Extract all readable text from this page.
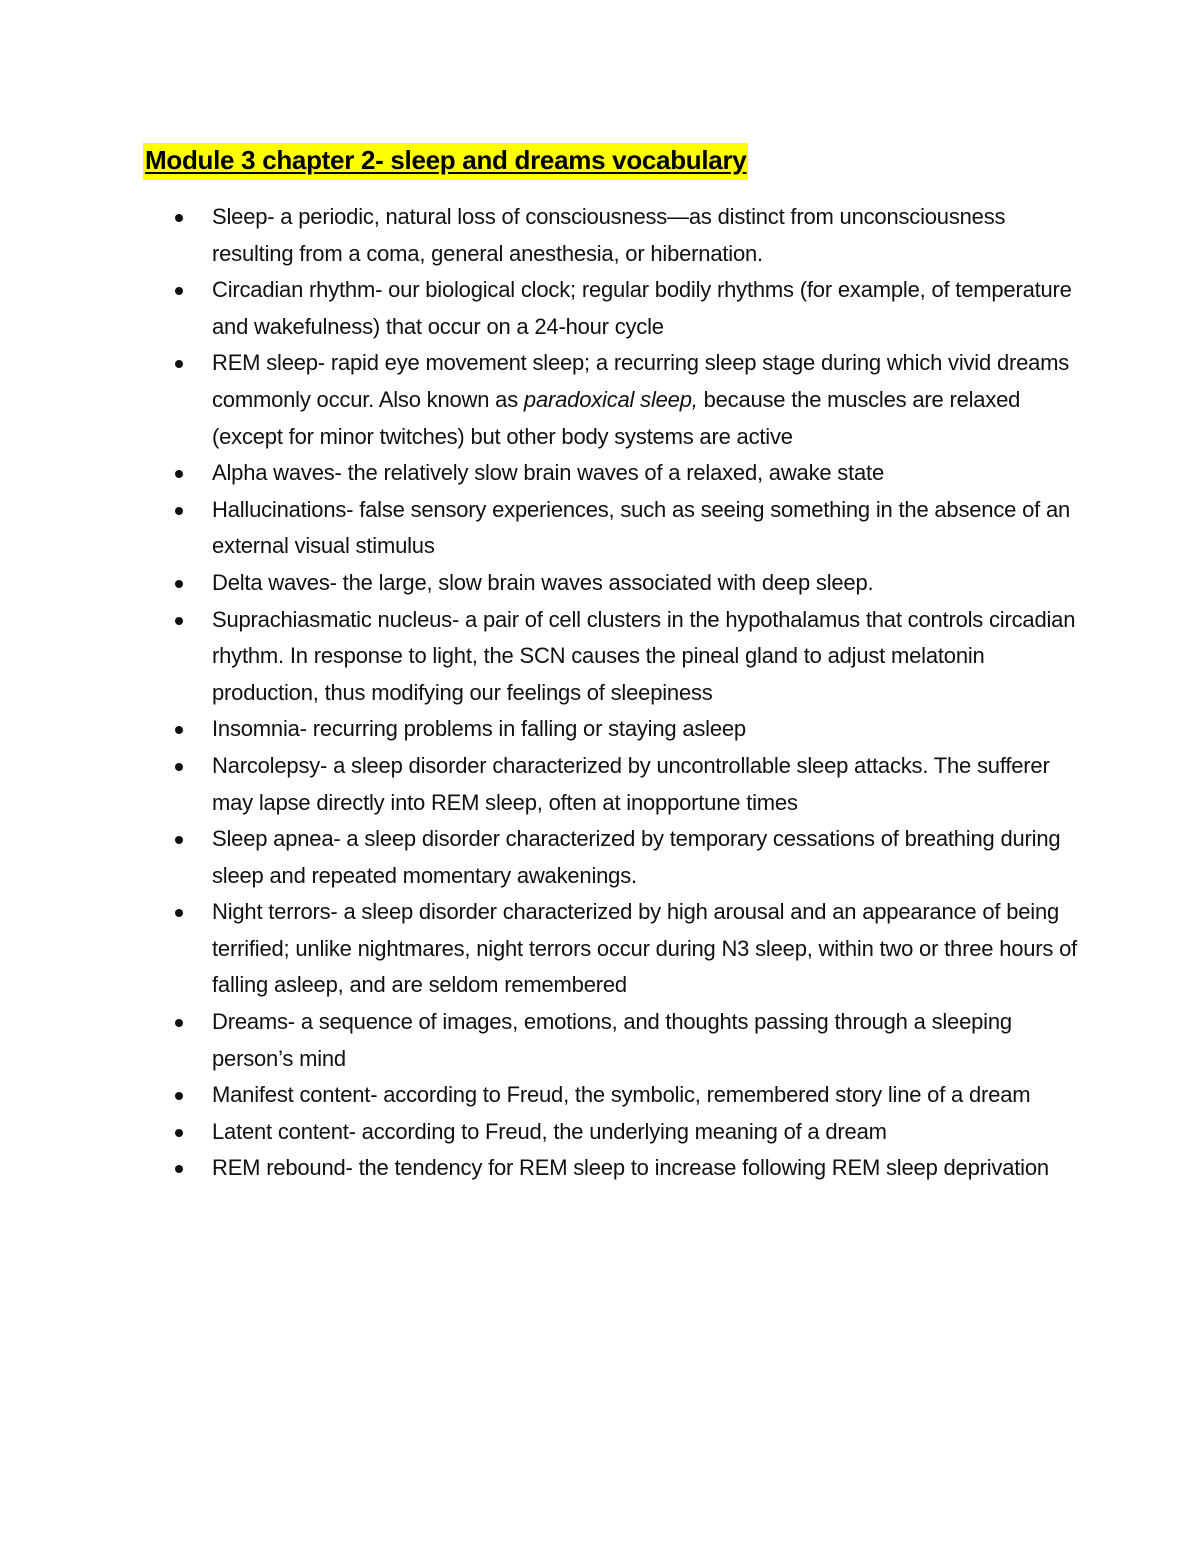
Module 3 chapter 2- sleep and dreams vocabulary
Sleep- a periodic, natural loss of consciousness—as distinct from unconsciousness resulting from a coma, general anesthesia, or hibernation.
Circadian rhythm- our biological clock; regular bodily rhythms (for example, of temperature and wakefulness) that occur on a 24-hour cycle
REM sleep- rapid eye movement sleep; a recurring sleep stage during which vivid dreams commonly occur. Also known as paradoxical sleep, because the muscles are relaxed (except for minor twitches) but other body systems are active
Alpha waves- the relatively slow brain waves of a relaxed, awake state
Hallucinations- false sensory experiences, such as seeing something in the absence of an external visual stimulus
Delta waves- the large, slow brain waves associated with deep sleep.
Suprachiasmatic nucleus- a pair of cell clusters in the hypothalamus that controls circadian rhythm. In response to light, the SCN causes the pineal gland to adjust melatonin production, thus modifying our feelings of sleepiness
Insomnia- recurring problems in falling or staying asleep
Narcolepsy- a sleep disorder characterized by uncontrollable sleep attacks. The sufferer may lapse directly into REM sleep, often at inopportune times
Sleep apnea- a sleep disorder characterized by temporary cessations of breathing during sleep and repeated momentary awakenings.
Night terrors- a sleep disorder characterized by high arousal and an appearance of being terrified; unlike nightmares, night terrors occur during N3 sleep, within two or three hours of falling asleep, and are seldom remembered
Dreams- a sequence of images, emotions, and thoughts passing through a sleeping person’s mind
Manifest content- according to Freud, the symbolic, remembered story line of a dream
Latent content- according to Freud, the underlying meaning of a dream
REM rebound- the tendency for REM sleep to increase following REM sleep deprivation
